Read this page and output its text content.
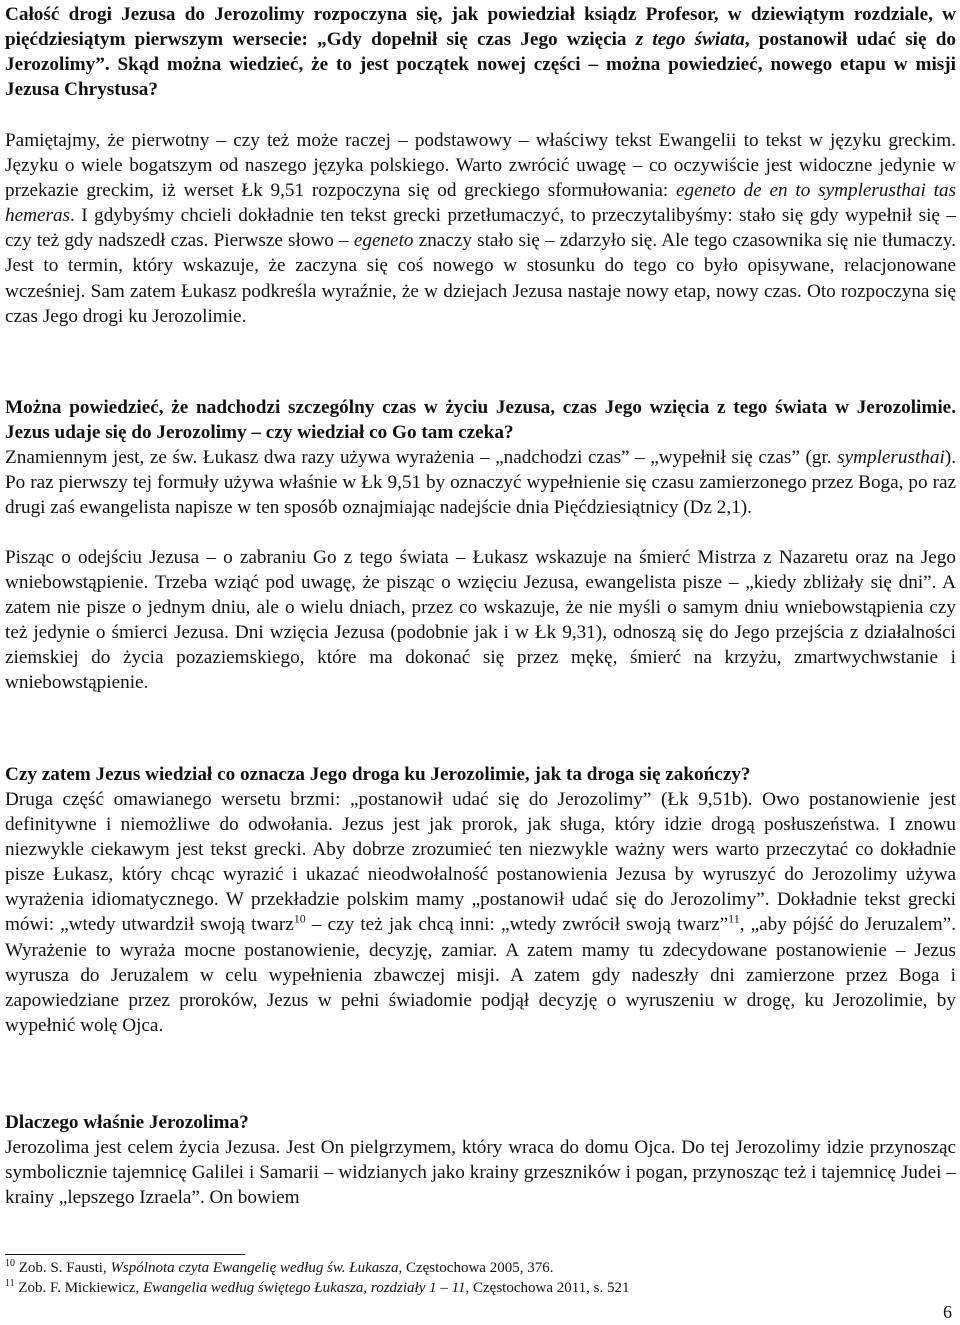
Całość drogi Jezusa do Jerozolimy rozpoczyna się, jak powiedział ksiądz Profesor, w dziewiątym rozdziale, w pięćdziesiątym pierwszym wersecie: „Gdy dopełnił się czas Jego wzięcia z tego świata, postanowił udać się do Jerozolimy”. Skąd można wiedzieć, że to jest początek nowej części – można powiedzieć, nowego etapu w misji Jezusa Chrystusa?

Pamiętajmy, że pierwotny – czy też może raczej – podstawowy – właściwy tekst Ewangelii to tekst w języku greckim. Języku o wiele bogatszym od naszego języka polskiego. Warto zwrócić uwagę – co oczywiście jest widoczne jedynie w przekazie greckim, iż werset Łk 9,51 rozpoczyna się od greckiego sformułowania: egeneto de en to symplerusthai tas hemeras. I gdybyśmy chcieli dokładnie ten tekst grecki przetłumaczyć, to przeczytalibyśmy: stało się gdy wypełnił się – czy też gdy nadszedł czas. Pierwsze słowo – egeneto znaczy stało się – zdarzyło się. Ale tego czasownika się nie tłumaczy. Jest to termin, który wskazuje, że zaczyna się coś nowego w stosunku do tego co było opisywane, relacjonowane wcześniej. Sam zatem Łukasz podkreśla wyraźnie, że w dziejach Jezusa nastaje nowy etap, nowy czas. Oto rozpoczyna się czas Jego drogi ku Jerozolimie.

Można powiedzieć, że nadchodzi szczególny czas w życiu Jezusa, czas Jego wzięcia z tego świata w Jerozolimie. Jezus udaje się do Jerozolimy – czy wiedział co Go tam czeka?

Znamiennym jest, ze św. Łukasz dwa razy używa wyrażenia – „nadchodzi czas” – „wypełnił się czas” (gr. symplerusthai). Po raz pierwszy tej formuły używa właśnie w Łk 9,51 by oznaczyć wypełnienie się czasu zamierzonego przez Boga, po raz drugi zaś ewangelista napisze w ten sposób oznajmiając nadejście dnia Pięćdziesiątnicy (Dz 2,1).

Pisząc o odejściu Jezusa – o zabraniu Go z tego świata – Łukasz wskazuje na śmierć Mistrza z Nazaretu oraz na Jego wniebowstąpienie. Trzeba wziąć pod uwagę, że pisząc o wzięciu Jezusa, ewangelista pisze – „kiedy zbliżały się dni”. A zatem nie pisze o jednym dniu, ale o wielu dniach, przez co wskazuje, że nie myśli o samym dniu wniebowstąpienia czy też jedynie o śmierci Jezusa. Dni wzięcia Jezusa (podobnie jak i w Łk 9,31), odnoszą się do Jego przejścia z działalności ziemskiej do życia pozaziemskiego, które ma dokonać się przez mękę, śmierć na krzyżu, zmartwychwstanie i wniebowstąpienie.

Czy zatem Jezus wiedział co oznacza Jego droga ku Jerozolimie, jak ta droga się zakończy?

Druga część omawianego wersetu brzmi: „postanowił udać się do Jerozolimy” (Łk 9,51b). Owo postanowienie jest definitywne i niemożliwe do odwołania. Jezus jest jak prorok, jak sługa, który idzie drogą posłuszeństwa. I znowu niezwykle ciekawym jest tekst grecki. Aby dobrze zrozumieć ten niezwykle ważny wers warto przeczytać co dokładnie pisze Łukasz, który chcąc wyrazić i ukazać nieodwołalność postanowienia Jezusa by wyruszyć do Jerozolimy używa wyrażenia idiomatycznego. W przekładzie polskim mamy „postanowił udać się do Jerozolimy”. Dokładnie tekst grecki mówi: „wtedy utwardził swoją twarz$^{10}$ – czy też jak chcą inni: „wtedy zwrócił swoją twarz”$^{11}$, „aby pójść do Jeruzalem”. Wyrażenie to wyraża mocne postanowienie, decyzję, zamiar. A zatem mamy tu zdecydowane postanowienie – Jezus wyrusza do Jeruzalem w celu wypełnienia zbawczej misji. A zatem gdy nadeszły dni zamierzone przez Boga i zapowiedziane przez proroków, Jezus w pełni świadomie podjął decyzję o wyruszeniu w drogę, ku Jerozolimie, by wypełnić wolę Ojca.

Dlaczego właśnie Jerozolima?

Jerozolima jest celem życia Jezusa. Jest On pielgrzymem, który wraca do domu Ojca. Do tej Jerozolimy idzie przynosząc symbolicznie tajemnicę Galilei i Samarii – widzianych jako krainy grzeszników i pogan, przynosząc też i tajemnicę Judei – krainy „lepszego Izraela”. On bowiem

$^{10}$ Zob. S. Fausti, Wspólnota czyta Ewangelię według św. Łukasza, Częstochowa 2005, 376.
$^{11}$ Zob. F. Mickiewicz, Ewangelia według świętego Łukasza, rozdziały 1 – 11, Częstochowa 2011, s. 521
6
